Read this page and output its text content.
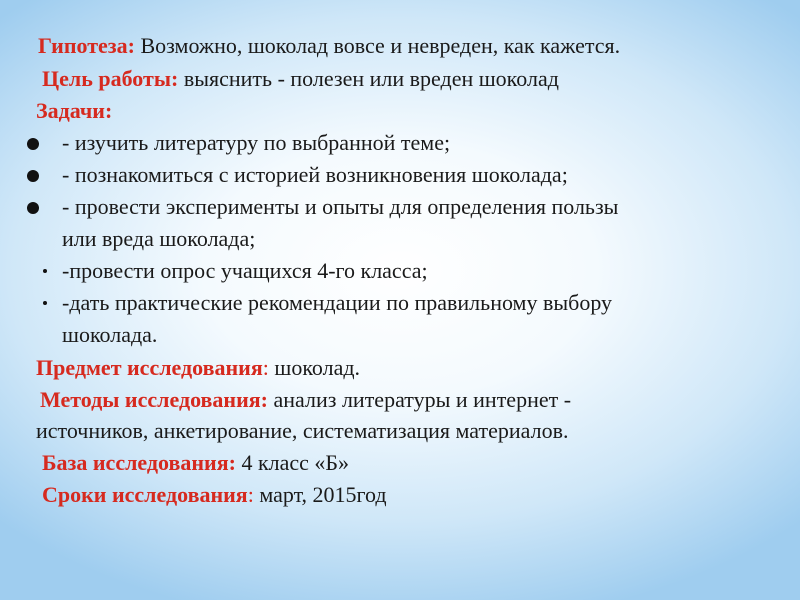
Гипотеза: Возможно, шоколад вовсе и невреден, как кажется.
Цель работы: выяснить - полезен или вреден шоколад
Задачи:
- изучить литературу по выбранной теме;
- познакомиться с историей возникновения шоколада;
- провести эксперименты и опыты для определения пользы
или вреда шоколада;
-провести опрос учащихся 4-го класса;
-дать практические рекомендации по правильному выбору
шоколада.
Предмет исследования: шоколад.
Методы исследования: анализ литературы и интернет -
источников, анкетирование, систематизация материалов.
База исследования: 4 класс «Б»
Сроки исследования: март, 2015год
